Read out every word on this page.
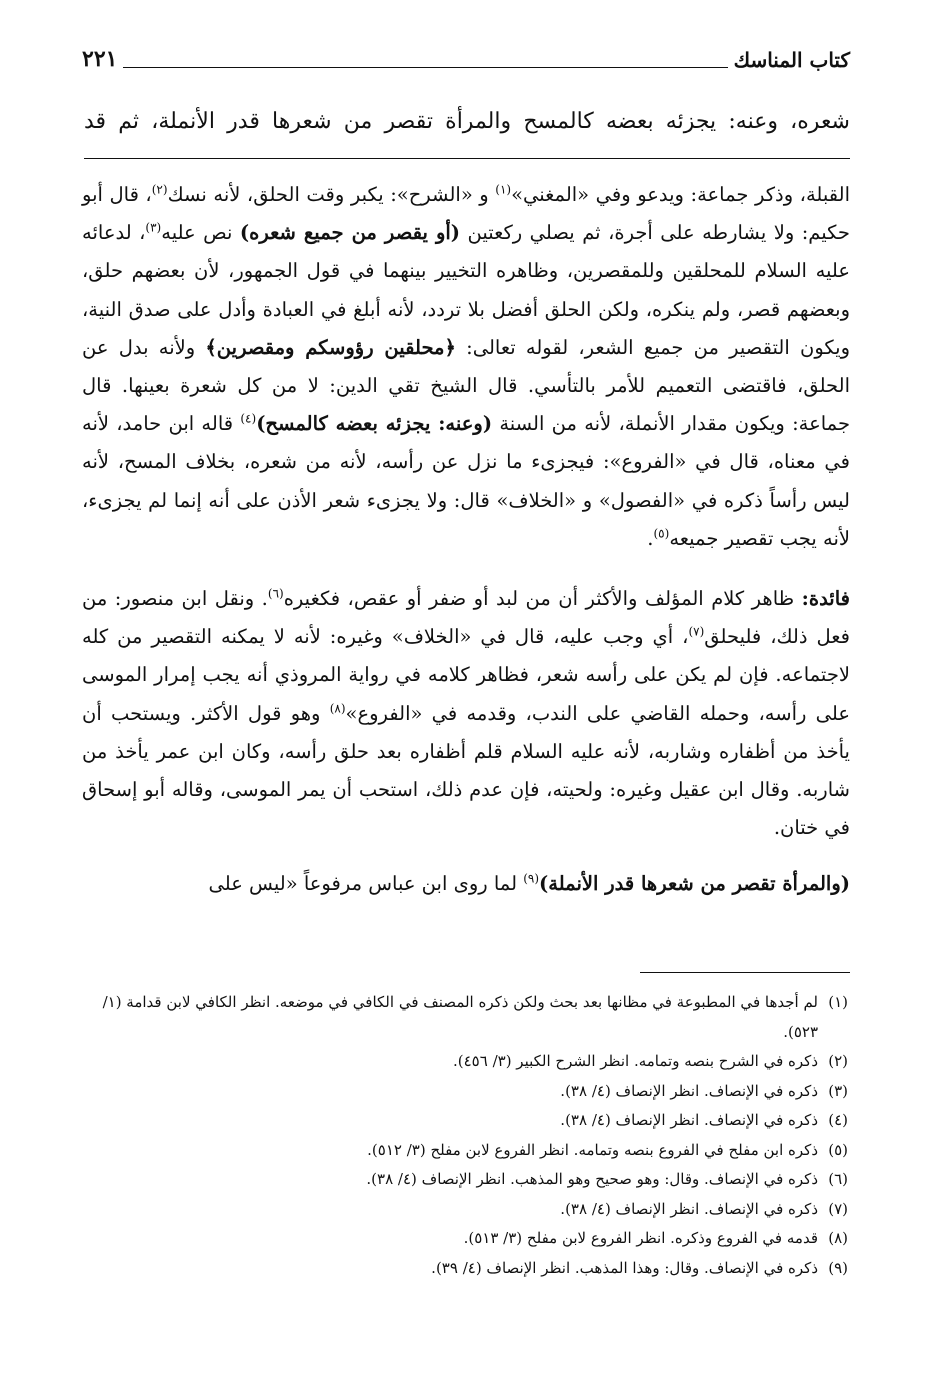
كتاب المناسك
٢٢١
شعره، وعنه: يجزئه بعضه كالمسح والمرأة تقصر من شعرها قدر الأنملة، ثم قد

القبلة، وذكر جماعة: ويدعو وفي «المغني»$^{(١)}$ و «الشرح»: يكبر وقت الحلق، لأنه نسك$^{(٢)}$، قال أبو حكيم: ولا يشارطه على أجرة، ثم يصلي ركعتين (أو يقصر من جميع شعره) نص عليه$^{(٣)}$، لدعائه عليه السلام للمحلقين وللمقصرين، وظاهره التخيير بينهما في قول الجمهور، لأن بعضهم حلق، وبعضهم قصر، ولم ينكره، ولكن الحلق أفضل بلا تردد، لأنه أبلغ في العبادة وأدل على صدق النية، ويكون التقصير من جميع الشعر، لقوله تعالى: ﴿محلقين رؤوسكم ومقصرين﴾ ولأنه بدل عن الحلق، فاقتضى التعميم للأمر بالتأسي. قال الشيخ تقي الدين: لا من كل شعرة بعينها. قال جماعة: ويكون مقدار الأنملة، لأنه من السنة (وعنه: يجزئه بعضه كالمسح)$^{(٤)}$ قاله ابن حامد، لأنه في معناه، قال في «الفروع»: فيجزىء ما نزل عن رأسه، لأنه من شعره، بخلاف المسح، لأنه ليس رأساً ذكره في «الفصول» و «الخلاف» قال: ولا يجزىء شعر الأذن على أنه إنما لم يجزىء، لأنه يجب تقصير جميعه$^{(٥)}$.

فائدة: ظاهر كلام المؤلف والأكثر أن من لبد أو ضفر أو عقص، فكغيره$^{(٦)}$. ونقل ابن منصور: من فعل ذلك، فليحلق$^{(٧)}$، أي وجب عليه، قال في «الخلاف» وغيره: لأنه لا يمكنه التقصير من كله لاجتماعه. فإن لم يكن على رأسه شعر، فظاهر كلامه في رواية المروذي أنه يجب إمرار الموسى على رأسه، وحمله القاضي على الندب، وقدمه في «الفروع»$^{(٨)}$ وهو قول الأكثر. ويستحب أن يأخذ من أظفاره وشاربه، لأنه عليه السلام قلم أظفاره بعد حلق رأسه، وكان ابن عمر يأخذ من شاربه. وقال ابن عقيل وغيره: ولحيته، فإن عدم ذلك، استحب أن يمر الموسى، وقاله أبو إسحاق في ختان.

(والمرأة تقصر من شعرها قدر الأنملة)$^{(٩)}$ لما روى ابن عباس مرفوعاً «ليس على

(١)
لم أجدها في المطبوعة في مظانها بعد بحث ولكن ذكره المصنف في الكافي في موضعه. انظر الكافي لابن قدامة (١/ ٥٢٣).
(٢)
ذكره في الشرح بنصه وتمامه. انظر الشرح الكبير (٣/ ٤٥٦).
(٣)
ذكره في الإنصاف. انظر الإنصاف (٤/ ٣٨).
(٤)
ذكره في الإنصاف. انظر الإنصاف (٤/ ٣٨).
(٥)
ذكره ابن مفلح في الفروع بنصه وتمامه. انظر الفروع لابن مفلح (٣/ ٥١٢).
(٦)
ذكره في الإنصاف. وقال: وهو صحيح وهو المذهب. انظر الإنصاف (٤/ ٣٨).
(٧)
ذكره في الإنصاف. انظر الإنصاف (٤/ ٣٨).
(٨)
قدمه في الفروع وذكره. انظر الفروع لابن مفلح (٣/ ٥١٣).
(٩)
ذكره في الإنصاف. وقال: وهذا المذهب. انظر الإنصاف (٤/ ٣٩).
